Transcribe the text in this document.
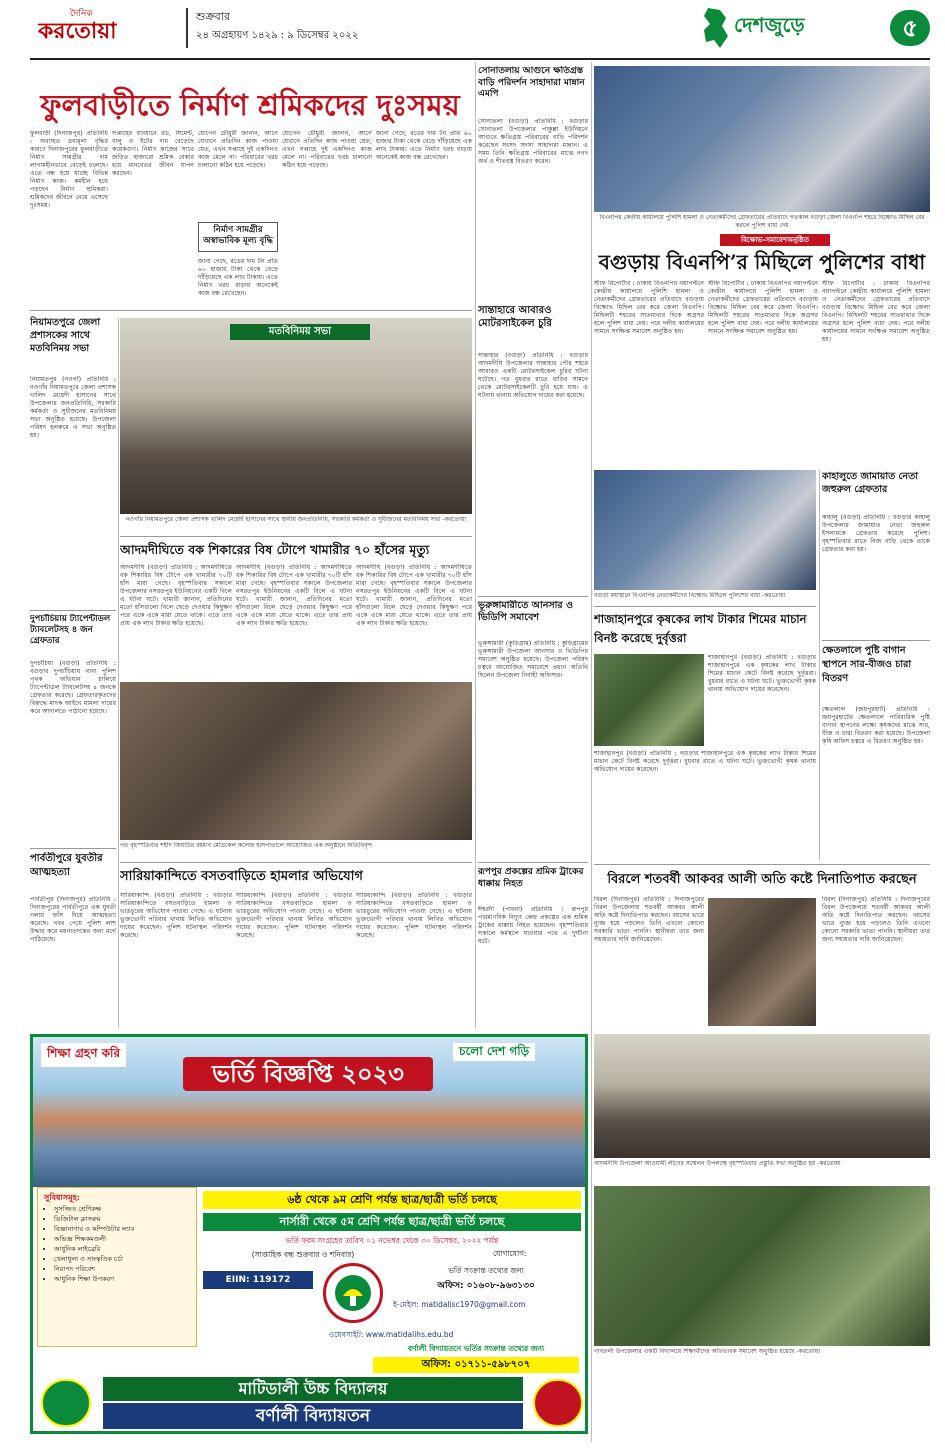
দৈনিক
করতোয়া
শুক্রবার
২৪ অগ্রহায়ণ ১৪২৯ : ৯ ডিসেম্বর ২০২২	দেশজুড়ে	৫
ফুলবাড়ীতে নির্মাণ শ্রমিকদের দুঃসময়
সোনাতলায় আগুনে ক্ষতিগ্রস্ত বাড়ি পরিদর্শন সাহাদারা মান্নান এমপি
সোনাতলা (বগুড়া) প্রতিনিধি : বগুড়ার সোনাতলা উপজেলার পাকুল্লা ইউনিয়নে আগুনে ক্ষতিগ্রস্ত পরিবারের বাড়ি পরিদর্শন করেছেন সংসদ সদস্য সাহাদারা মান্নান। এ সময় তিনি ক্ষতিগ্রস্ত পরিবারের মাঝে নগদ অর্থ ও শীতবস্ত্র বিতরণ করেন।
ফুলবাড়ী (দিনাজপুর) প্রতিনিধি : অব্যাহত দ্রব্যমূল্য বৃদ্ধির কারণে দিনাজপুরের ফুলবাড়ীতে নির্মাণ সামগ্রীর দাম লাগামহীনভাবে বেড়েই চলেছে। এতে বন্ধ হয়ে যাচ্ছে বিভিন্ন নির্মাণ কাজ। কর্মহীন হয়ে পড়ছেন নির্মাণ শ্রমিকরা। শ্রমিকদের জীবনে নেমে এসেছে দুঃসময়।
সপ্তাহের ব্যবধানে রড, সিমেন্ট, বালু ও ইটের দাম বেড়েছে কয়েকগুণ। নির্মাণ কাজের সাথে জড়িত হাজারো শ্রমিক বেকার হয়ে মানবেতর জীবন যাপন করছেন।
যোগেন চৌধুরী জানান, আগে যেখানে প্রতিদিন কাজ পাওয়া যেত, এখন সপ্তাহে দুই একদিনও কাজ মেলে না। পরিবারের খরচ চালানো কঠিন হয়ে পড়েছে।
নির্মাণ সামগ্রীর অস্বাভাবিক মূল্য বৃদ্ধি
জানা গেছে, রডের দাম টন প্রতি ৯০ হাজার টাকা থেকে বেড়ে দাঁড়িয়েছে এক লাখ টাকায়। এতে নির্মাণ খরচ বাড়ায় অনেকেই কাজ বন্ধ রেখেছেন।
যোগেন চৌধুরী জানান, আগে যেখানে প্রতিদিন কাজ পাওয়া যেত, এখন সপ্তাহে দুই একদিনও কাজ মেলে না। পরিবারের খরচ চালানো কঠিন হয়ে পড়েছে।
জানা গেছে, রডের দাম টন প্রতি ৯০ হাজার টাকা থেকে বেড়ে দাঁড়িয়েছে এক লাখ টাকায়। এতে নির্মাণ খরচ বাড়ায় অনেকেই কাজ বন্ধ রেখেছেন।
সান্তাহারে আবারও মোটরসাইকেল চুরি
সান্তাহার (বগুড়া) প্রতিনিধি : বগুড়ার আদমদীঘি উপজেলার সান্তাহার পৌর শহরে আবারও একটি মোটরসাইকেল চুরির ঘটনা ঘটেছে। গত বুধবার রাতে বাড়ির সামনে থেকে মোটরসাইকেলটি চুরি হয়ে যায়। এ ঘটনায় থানায় অভিযোগ দায়ের করা হয়েছে।
বিএনপির কেন্দ্রীয় কার্যালয়ে পুলিশি হামলা ও নেতাকর্মীদের গ্রেফতারের প্রতিবাদে গতকাল বগুড়া জেলা বিএনপি শহরে বিক্ষোভ মিছিল বের করলে পুলিশ বাধা দেয়
বিক্ষোভ-সমাবেশঅনুষ্ঠিত
বগুড়ায় বিএনপি’র মিছিলে পুলিশের বাধা
স্টাফ রিপোর্টার : ঢাকায় বিএনপির নয়াপল্টনে কেন্দ্রীয় কার্যালয়ে পুলিশি হামলা ও নেতাকর্মীদের গ্রেফতারের প্রতিবাদে বগুড়ায় বিক্ষোভ মিছিল বের করে জেলা বিএনপি। মিছিলটি শহরের সাতমাথার দিকে অগ্রসর হলে পুলিশ বাধা দেয়। পরে দলীয় কার্যালয়ের সামনে সংক্ষিপ্ত সমাবেশ অনুষ্ঠিত হয়।
স্টাফ রিপোর্টার : ঢাকায় বিএনপির নয়াপল্টনে কেন্দ্রীয় কার্যালয়ে পুলিশি হামলা ও নেতাকর্মীদের গ্রেফতারের প্রতিবাদে বগুড়ায় বিক্ষোভ মিছিল বের করে জেলা বিএনপি। মিছিলটি শহরের সাতমাথার দিকে অগ্রসর হলে পুলিশ বাধা দেয়। পরে দলীয় কার্যালয়ের সামনে সংক্ষিপ্ত সমাবেশ অনুষ্ঠিত হয়।
স্টাফ রিপোর্টার : ঢাকায় বিএনপির নয়াপল্টনে কেন্দ্রীয় কার্যালয়ে পুলিশি হামলা ও নেতাকর্মীদের গ্রেফতারের প্রতিবাদে বগুড়ায় বিক্ষোভ মিছিল বের করে জেলা বিএনপি। মিছিলটি শহরের সাতমাথার দিকে অগ্রসর হলে পুলিশ বাধা দেয়। পরে দলীয় কার্যালয়ের সামনে সংক্ষিপ্ত সমাবেশ অনুষ্ঠিত হয়।
নিয়ামতপুরে জেলা প্রশাসকের সাথে মতবিনিময় সভা
নিয়ামতপুর (নওগাঁ) প্রতিনিধি : নওগাঁর নিয়ামতপুরে জেলা প্রশাসক খালিদ মেহেদী হাসানের সাথে উপজেলার জনপ্রতিনিধি, সরকারি কর্মকর্তা ও সুধীজনের মতবিনিময় সভা অনুষ্ঠিত হয়েছে। উপজেলা পরিষদ হলরুমে এ সভা অনুষ্ঠিত হয়।
মতবিনিময় সভা
নওগাঁর নিয়ামতপুরে জেলা প্রশাসক খালিদ মেহেদী হাসানের সাথে স্থানীয় জনপ্রতিনিধি, সরকারি কর্মকর্তা ও সুধীজনের মতবিনিময় সভা -করতোয়া
আদমদীঘিতে বক শিকারের বিষ টোপে খামারীর ৭০ হাঁসের মৃত্যু
আদমদীঘি (বগুড়া) প্রতিনিধি : আদমদীঘিতে বক শিকারির বিষ টোপে এক খামারীর ৭০টি হাঁস মারা গেছে। বৃহস্পতিবার সকালে উপজেলার নসরতপুর ইউনিয়নের একটি বিলে এ ঘটনা ঘটে। খামারী জানান, প্রতিদিনের মতো হাঁসগুলো বিলে ছেড়ে দেওয়ার কিছুক্ষণ পরে একে একে মারা যেতে থাকে। এতে তার প্রায় এক লাখ টাকার ক্ষতি হয়েছে।
আদমদীঘি (বগুড়া) প্রতিনিধি : আদমদীঘিতে বক শিকারির বিষ টোপে এক খামারীর ৭০টি হাঁস মারা গেছে। বৃহস্পতিবার সকালে উপজেলার নসরতপুর ইউনিয়নের একটি বিলে এ ঘটনা ঘটে। খামারী জানান, প্রতিদিনের মতো হাঁসগুলো বিলে ছেড়ে দেওয়ার কিছুক্ষণ পরে একে একে মারা যেতে থাকে। এতে তার প্রায় এক লাখ টাকার ক্ষতি হয়েছে।
আদমদীঘি (বগুড়া) প্রতিনিধি : আদমদীঘিতে বক শিকারির বিষ টোপে এক খামারীর ৭০টি হাঁস মারা গেছে। বৃহস্পতিবার সকালে উপজেলার নসরতপুর ইউনিয়নের একটি বিলে এ ঘটনা ঘটে। খামারী জানান, প্রতিদিনের মতো হাঁসগুলো বিলে ছেড়ে দেওয়ার কিছুক্ষণ পরে একে একে মারা যেতে থাকে। এতে তার প্রায় এক লাখ টাকার ক্ষতি হয়েছে।
দুপচাঁচিয়ায় ট্যাপেন্টাডল ট্যাবলেটসহ ৪ জন গ্রেফতার
দুপচাঁচিয়া (বগুড়া) প্রতিনিধি : বগুড়ার দুপচাঁচিয়ায় থানা পুলিশ পৃথক অভিযান চালিয়ে ট্যাপেন্টাডল ট্যাবলেটসহ ৪ জনকে গ্রেফতার করেছে। গ্রেফতারকৃতদের বিরুদ্ধে মাদক আইনে মামলা দায়ের করে আদালতে পাঠানো হয়েছে।
গত বৃহস্পতিবার শহীদ জিয়াউর রহমান মেডিকেল কলেজ হাসপাতালে আয়োজিত এক অনুষ্ঠানে অতিথিবৃন্দ
পার্বতীপুরে যুবতীর আত্মহত্যা
পার্বতীপুর (দিনাজপুর) প্রতিনিধি : দিনাজপুরের পার্বতীপুরে এক যুবতী গলায় ফাঁস দিয়ে আত্মহত্যা করেছে। খবর পেয়ে পুলিশ লাশ উদ্ধার করে ময়নাতদন্তের জন্য মর্গে পাঠিয়েছে।
সারিয়াকান্দিতে বসতবাড়িতে হামলার অভিযোগ
সারিয়াকান্দি (বগুড়া) প্রতিনিধি : বগুড়ার সারিয়াকান্দিতে বসতবাড়িতে হামলা ও ভাঙচুরের অভিযোগ পাওয়া গেছে। এ ঘটনায় ভুক্তভোগী পরিবার থানায় লিখিত অভিযোগ দায়ের করেছেন। পুলিশ ঘটনাস্থল পরিদর্শন করেছে।
সারিয়াকান্দি (বগুড়া) প্রতিনিধি : বগুড়ার সারিয়াকান্দিতে বসতবাড়িতে হামলা ও ভাঙচুরের অভিযোগ পাওয়া গেছে। এ ঘটনায় ভুক্তভোগী পরিবার থানায় লিখিত অভিযোগ দায়ের করেছেন। পুলিশ ঘটনাস্থল পরিদর্শন করেছে।
সারিয়াকান্দি (বগুড়া) প্রতিনিধি : বগুড়ার সারিয়াকান্দিতে বসতবাড়িতে হামলা ও ভাঙচুরের অভিযোগ পাওয়া গেছে। এ ঘটনায় ভুক্তভোগী পরিবার থানায় লিখিত অভিযোগ দায়ের করেছেন। পুলিশ ঘটনাস্থল পরিদর্শন করেছে।
রূপপুর প্রকল্পের শ্রমিক ট্রাকের ধাক্কায় নিহত
ঈশ্বরদী (পাবনা) প্রতিনিধি : রূপপুর পারমাণবিক বিদ্যুৎ কেন্দ্র প্রকল্পের এক শ্রমিক ট্রাকের ধাক্কায় নিহত হয়েছেন। বৃহস্পতিবার সকালে কর্মস্থলে যাওয়ার পথে এ দুর্ঘটনা ঘটে।
ভূরুঙ্গামারীতে আনসার ও ভিডিপি সমাবেশ
ভূরুঙ্গামারী (কুড়িগ্রাম) প্রতিনিধি : কুড়িগ্রামের ভূরুঙ্গামারী উপজেলা আনসার ও ভিডিপির সমাবেশ অনুষ্ঠিত হয়েছে। উপজেলা পরিষদ চত্বরে আয়োজিত সমাবেশে প্রধান অতিথি ছিলেন উপজেলা নির্বাহী অফিসার।
বগুড়া মহাস্থানে বিএনপির নেতাকর্মীদের বিক্ষোভ মিছিলে পুলিশের বাধা -করতোয়া
কাহালুতে জামায়াত নেতা জহুরুল গ্রেফতার
কাহালু (বগুড়া) প্রতিনিধি : বগুড়ার কাহালু উপজেলার জামায়াত নেতা জহুরুল ইসলামকে গ্রেফতার করেছে পুলিশ। বৃহস্পতিবার রাতে নিজ বাড়ি থেকে তাকে গ্রেফতার করা হয়।
শাজাহানপুরে কৃষকের লাখ টাকার শিমের মাচান বিনষ্ট করেছে দুর্বৃত্তরা
শাজাহানপুর (বগুড়া) প্রতিনিধি : বগুড়ার শাজাহানপুরে এক কৃষকের লাখ টাকার শিমের মাচান কেটে বিনষ্ট করেছে দুর্বৃত্তরা। বুধবার রাতে এ ঘটনা ঘটে। ভুক্তভোগী কৃষক থানায় অভিযোগ দায়ের করেছেন।
শাজাহানপুর (বগুড়া) প্রতিনিধি : বগুড়ার শাজাহানপুরে এক কৃষকের লাখ টাকার শিমের মাচান কেটে বিনষ্ট করেছে দুর্বৃত্তরা। বুধবার রাতে এ ঘটনা ঘটে। ভুক্তভোগী কৃষক থানায় অভিযোগ দায়ের করেছেন।
ক্ষেতলালে পুষ্টি বাগান স্থাপনে সার-বীজও চারা বিতরণ
ক্ষেতলাল (জয়পুরহাট) প্রতিনিধি : জয়পুরহাটের ক্ষেতলালে পারিবারিক পুষ্টি বাগান স্থাপনের লক্ষ্যে কৃষকদের মাঝে সার, বীজ ও চারা বিতরণ করা হয়েছে। উপজেলা কৃষি অফিস চত্বরে এ বিতরণ অনুষ্ঠিত হয়।
বিরলে শতবর্ষী আকবর আলী অতি কষ্টে দিনাতিপাত করছেন
বিরল (দিনাজপুর) প্রতিনিধি : দিনাজপুরের বিরল উপজেলায় শতবর্ষী আকবর আলী অতি কষ্টে দিনাতিপাত করছেন। বয়সের ভারে ন্যুব্জ হয়ে পড়লেও তিনি এখনো কোনো সরকারি ভাতা পাননি। স্থানীয়রা তার জন্য সহায়তার দাবি জানিয়েছেন।
বিরল (দিনাজপুর) প্রতিনিধি : দিনাজপুরের বিরল উপজেলায় শতবর্ষী আকবর আলী অতি কষ্টে দিনাতিপাত করছেন। বয়সের ভারে ন্যুব্জ হয়ে পড়লেও তিনি এখনো কোনো সরকারি ভাতা পাননি। স্থানীয়রা তার জন্য সহায়তার দাবি জানিয়েছেন।
আদমদীঘি উপজেলা আওয়ামী লীগের সম্মেলন উপলক্ষে বৃহস্পতিবার প্রস্তুতি সভা অনুষ্ঠিত হয় -করতোয়া
গাবতলী উপজেলার একটি বিদ্যালয়ে শিক্ষার্থীদের অভিভাবক সমাবেশ অনুষ্ঠিত হয়েছে -করতোয়া
শিক্ষা গ্রহণ করি	চলো দেশ গড়ি
ভর্তি বিজ্ঞপ্তি ২০২৩
সুবিধাসমূহ:
• সুসজ্জিত শ্রেণিকক্ষ
• ডিজিটাল ক্লাসরুম
• বিজ্ঞানাগার ও কম্পিউটার ল্যাব
• অভিজ্ঞ শিক্ষকমণ্ডলী
• আধুনিক লাইব্রেরি
• খেলাধুলা ও সাংস্কৃতিক চর্চা
• নিরাপদ পরিবেশ
• আধুনিক শিক্ষা উপকরণ
৬ষ্ঠ থেকে ৯ম শ্রেণি পর্যন্ত ছাত্র/ছাত্রী ভর্তি চলছে
নার্সারী থেকে ৫ম শ্রেণি পর্যন্ত ছাত্র/ছাত্রী ভর্তি চলছে
ভর্তি ফরম সংগ্রহের তারিখ ০১ নভেম্বর থেকে ৩০ ডিসেম্বর, ২০২২ পর্যন্ত
(সাপ্তাহিক বন্ধ শুক্রবার ও শনিবার)	যোগাযোগ:
EIIN: 119172
ভর্তি সংক্রান্ত তথ্যের জন্য
অফিস: ০১৬০৮-৯৬৩১৩০
ই-মেইল: matidalisc1970@gmail.com
ওয়েবসাইট: www.matidalihs.edu.bd
বর্ণালী বিদ্যায়তনে ভর্তির সংক্রান্ত তথ্যের জন্য
অফিস: ০১৭১১-৫৯৮৭০৭
মাটিডালী উচ্চ বিদ্যালয়
বর্ণালী বিদ্যায়তন
